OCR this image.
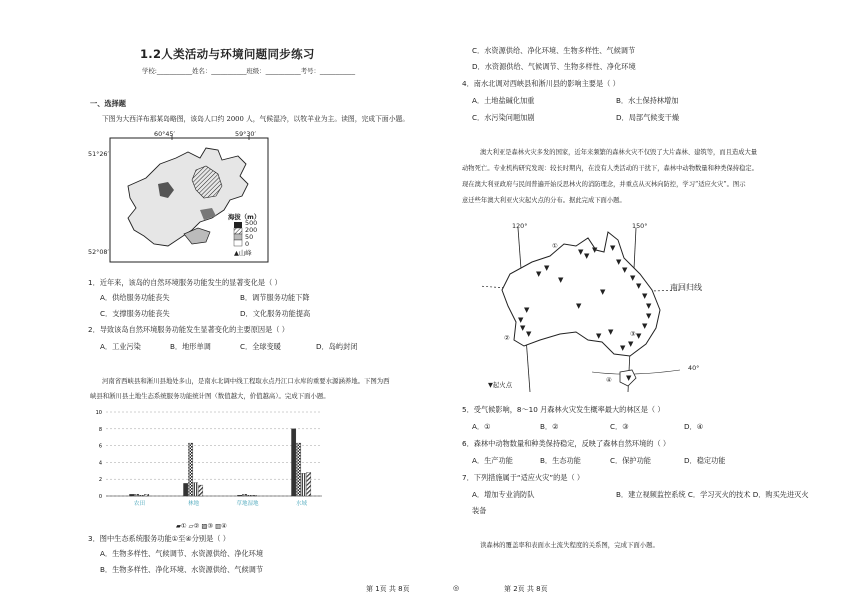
1.2人类活动与环境问题同步练习
学校:___________姓名：___________班级：___________考号：___________
一、选择题
下图为大西洋布那某岛略图，该岛人口约 2000 人，气候湿冷，以牧羊业为主。读图，完成下面小题。
60°45′	59°30′
51°26′
52°08′
海拔（m）
500
200
50
0
▲山峰
1．近年来，该岛的自然环境服务功能发生的显著变化是（ ）
A．供给服务功能丧失	B．调节服务功能下降
C．支撑服务功能丧失	D．文化服务功能提高
2．导致该岛自然环境服务功能发生显著变化的主要原因是（ ）
A．工业污染	B．地形单调	C．全球变暖	D．岛屿封闭
河南省西峡县和淅川县地处多山，是南水北调中线工程取水点丹江口水库的重要水源涵养地。下图为西
峡县和淅川县土地生态系统服务功能统计图（数值越大，价值越高）。完成下面小题。
10
8
6
4
2
0
农田	林地	草地湿地	水域
▰① ▱② ▨③ ▥④
3．图中生态系统服务功能①至④分别是（ ）
A．生物多样性、气候调节、水资源供给、净化环境
B．生物多样性、净化环境、水资源供给、气候调节
第 1页 共 8页	◎
C．水资源供给、净化环境、生物多样性、气候调节
D．水资源供给、气候调节、生物多样性、净化环境
4．南水北调对西峡县和淅川县的影响主要是（ ）
A．土地盐碱化加重	B．水土保持林增加
C．水污染问题加剧	D．局部气候变干燥
澳大利亚是森林火灾多发的国家，近年来频繁的森林火灾不仅毁了大片森林、建筑等，而且造成大量
动物死亡。专业机构研究发现：较长时期内，在没有人类活动的干扰下，森林中动物数量和种类保持稳定。
现在澳大利亚政府与民间普遍开始反思林火的消防理念，并重点从灭林向防控，学习“适应火灾”。图示
意迁些年澳大利亚火灾起火点的分布。据此完成下面小题。
▼ ▼
▼ ▼
▼
▼
▼
▼
▼
▼
▼
▼
▼
▼
▼
▼
▼
▼
▼
▼
▼
▼
▼
▼
▼
▼
▼
120°	150°
南回归线
40°
①
②	③
④
▼起火点
5．受气候影响，8～10 月森林火灾发生概率最大的林区是（ ）
A．①	B．②	C．③	D．④
6．森林中动物数量和种类保持稳定，反映了森林自然环境的（ ）
A．生产功能	B．生态功能	C．保护功能	D．稳定功能
7．下列措施属于“适应火灾”的是（ ）
A．增加专业消防队	B．建立视频监控系统 C．学习灭火的技术 D．购买先进灭火
装备
读森林的覆盖率和表面水土流失程度的关系图，完成下面小题。
第 2页 共 8页
